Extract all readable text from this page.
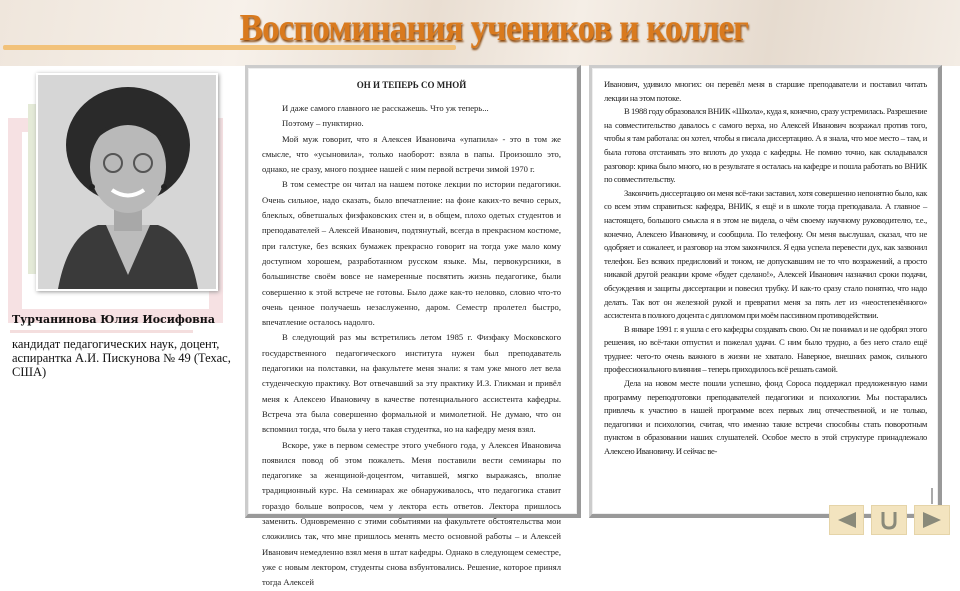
Воспоминания учеников и коллег
Турчанинова Юлия Иосифовна
кандидат педагогических наук, доцент, аспирантка А.И. Пискунова № 49 (Техас, США)
ОН И ТЕПЕРЬ СО МНОЙ

И даже самого главного не расскажешь. Что уж теперь...

Поэтому – пунктирно.

Мой муж говорит, что я Алексея Ивановича «упапила» - это в том же смысле, что «усыновила», только наоборот: взяла в папы. Произошло это, однако, не сразу, много позднее нашей с ним первой встречи зимой 1970 г.

В том семестре он читал на нашем потоке лекции по истории педагогики. Очень сильное, надо сказать, было впечатление: на фоне каких-то вечно серых, блеклых, обветшалых физфаковских стен и, в общем, плохо одетых студентов и преподавателей – Алексей Иванович, подтянутый, всегда в прекрасном костюме, при галстуке, без всяких бумажек прекрасно говорит на тогда уже мало кому доступном хорошем, разработанном русском языке. Мы, первокурсники, в большинстве своём вовсе не намеренные посвятить жизнь педагогике, были совершенно к этой встрече не готовы. Было даже как-то неловко, словно что-то очень ценное получаешь незаслуженно, даром. Семестр пролетел быстро, впечатление осталось надолго.

В следующий раз мы встретились летом 1985 г. Физфаку Московского государственного педагогического института нужен был преподаватель педагогики на полставки, на факультете меня знали: я там уже много лет вела студенческую практику. Вот отвечавший за эту практику И.З. Гликман и привёл меня к Алексею Ивановичу в качестве потенциального ассистента кафедры. Встреча эта была совершенно формальной и мимолетной. Не думаю, что он вспомнил тогда, что была у него такая студентка, но на кафедру меня взял.

Вскоре, уже в первом семестре этого учебного года, у Алексея Ивановича появился повод об этом пожалеть. Меня поставили вести семинары по педагогике за женщиной-доцентом, читавшей, мягко выражаясь, вполне традиционный курс. На семинарах же обнаруживалось, что педагогика ставит гораздо больше вопросов, чем у лектора есть ответов. Лектора пришлось заменить. Одновременно с этими событиями на факультете обстоятельства мои сложились так, что мне пришлось менять место основной работы – и Алексей Иванович немедленно взял меня в штат кафедры. Однако в следующем семестре, уже с новым лектором, студенты снова взбунтовались. Решение, которое принял тогда Алексей

Иванович, удивило многих: он перевёл меня в старшие преподаватели и поставил читать лекции на этом потоке.

В 1988 году образовался ВНИК «Школа», куда я, конечно, сразу устремилась. Разрешение на совместительство давалось с самого верха, но Алексей Иванович возражал против того, чтобы я там работала: он хотел, чтобы я писала диссертацию. А я знала, что мое место – там, и была готова отстаивать это вплоть до ухода с кафедры. Не помню точно, как складывался разговор: крика было много, но в результате я осталась на кафедре и пошла работать во ВНИК по совместительству.

Закончить диссертацию он меня всё-таки заставил, хотя совершенно непонятно было, как со всем этим справиться: кафедра, ВНИК, я ещё и в школе тогда преподавала. А главное – настоящего, большого смысла я в этом не видела, о чём своему научному руководителю, т.е., конечно, Алексею Ивановичу, и сообщила. По телефону. Он меня выслушал, сказал, что не одобряет и сожалеет, и разговор на этом закончился. Я едва успела перевести дух, как зазвонил телефон. Без всяких предисловий и тоном, не допускавшим не то что возражений, а просто никакой другой реакции кроме «будет сделано!», Алексей Иванович назначил сроки подачи, обсуждения и защиты диссертации и повесил трубку. И как-то сразу стало понятно, что надо делать. Так вот он железной рукой и превратил меня за пять лет из «неостепенённого» ассистента в полного доцента с дипломом при моём пассивном противодействии.

В январе 1991 г. я ушла с его кафедры создавать свою. Он не понимал и не одобрял этого решения, но всё-таки отпустил и пожелал удачи. С ним было трудно, а без него стало ещё труднее: чего-то очень важного в жизни не хватало. Наверное, внешних рамок, сильного профессионального влияния – теперь приходилось всё решать самой.

Дела на новом месте пошли успешно, фонд Сороса поддержал предложенную нами программу переподготовки преподавателей педагогики и психологии. Мы постарались привлечь к участию в нашей программе всех первых лиц отечественной, и не только, педагогики и психологии, считая, что именно такие встречи способны стать поворотным пунктом в образовании наших слушателей. Особое место в этой структуре принадлежало Алексею Ивановичу. И сейчас ве-
